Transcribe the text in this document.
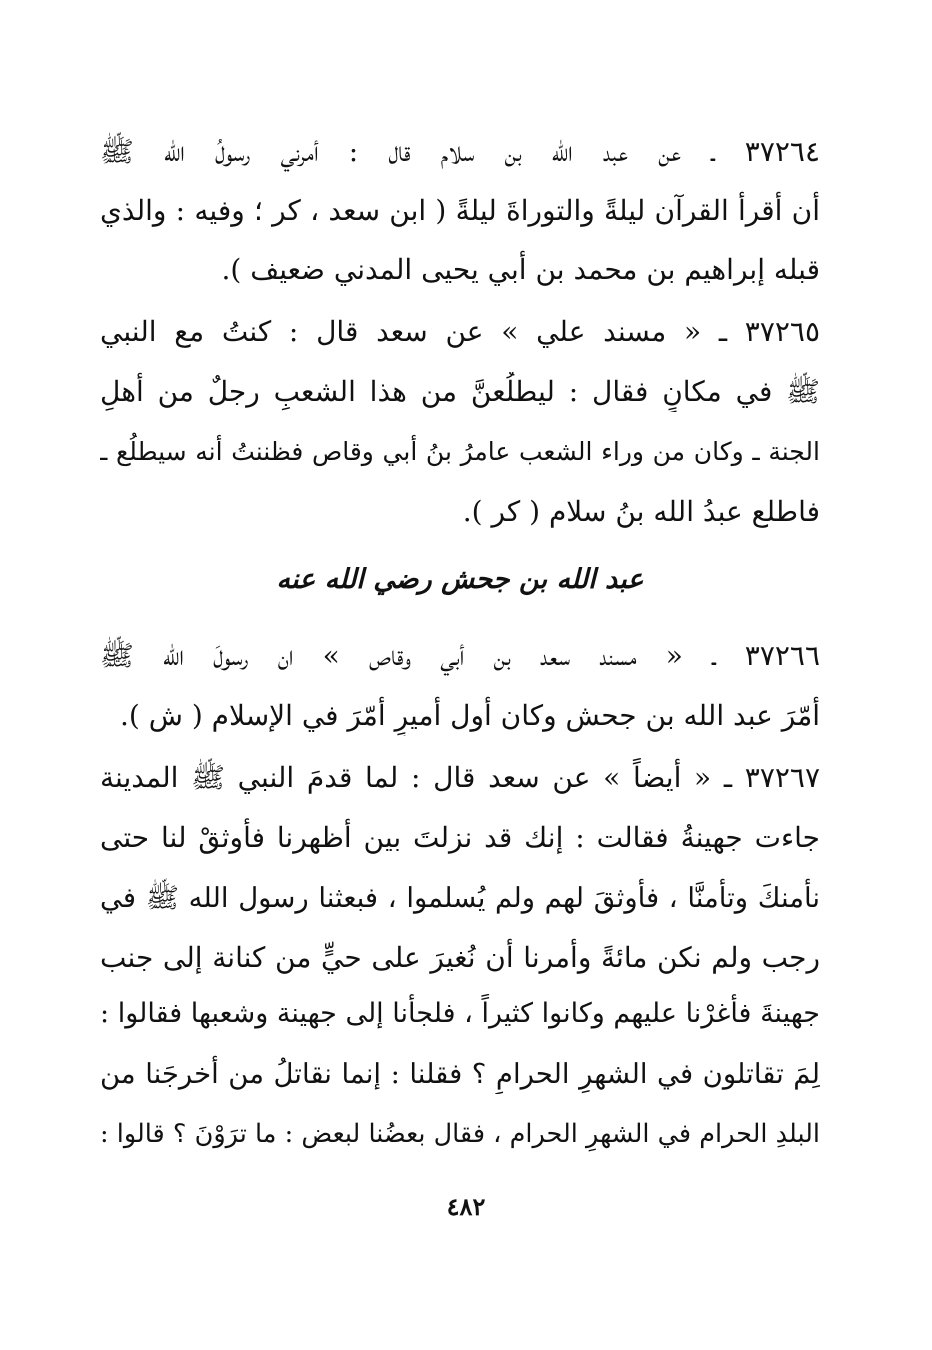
٣٧٢٦٤ ـ عن عبد الله بن سلام قال : أمرني رسولُ الله ﷺ
أن أقرأَ القرآن ليلةً والتوراةَ ليلةً ( ابن سعد ، كر ؛ وفيه : والذي
قبله إبراهيم بن محمد بن أبي يحيى المدني ضعيف ).
٣٧٢٦٥ ـ « مسند علي » عن سعد قال : كنتُ مع النبي
ﷺ في مكانٍ فقال : ليطلُعنَّ من هذا الشعبِ رجلٌ من أهلِ
الجنة ـ وكان من وراء الشعب عامرُ بنُ أبي وقاص فظننتُ أنه سيطلُع ـ
فاطلع عبدُ الله بنُ سلام ( كر ).
عبد الله بن جحش رضي الله عنه
٣٧٢٦٦ ـ « مسند سعد بن أبي وقاص » ان رسولَ الله ﷺ
أمّرَ عبد الله بن جحش وكان أول أميرٍ أُمّرَ في الإسلام ( ش ).
٣٧٢٦٧ ـ « أيضاً » عن سعد قال : لما قدمَ النبي ﷺ المدينة
جاءت جهينةُ فقالت : إنك قد نزلتَ بين أظهرنا فأوثقْ لنا حتى
نأمنكَ وتأمنَّا ، فأوثقَ لهم ولم يُسلموا ، فبعثنا رسول الله ﷺ في
رجب ولم نكن مائةً وأمرنا أن نُغيرَ على حيٍّ من كنانة إلى جنب
جهينةَ فأغرْنا عليهم وكانوا كثيراً ، فلجأنا إلى جهينة وشعبها فقالوا :
لِمَ تقاتلون في الشهرِ الحرامِ ؟ فقلنا : إنما نقاتلُ من أخرجَنا من
البلدِ الحرام في الشهرِ الحرام ، فقال بعضُنا لبعض : ما ترَوْنَ ؟ قالوا :
٤٨٢
